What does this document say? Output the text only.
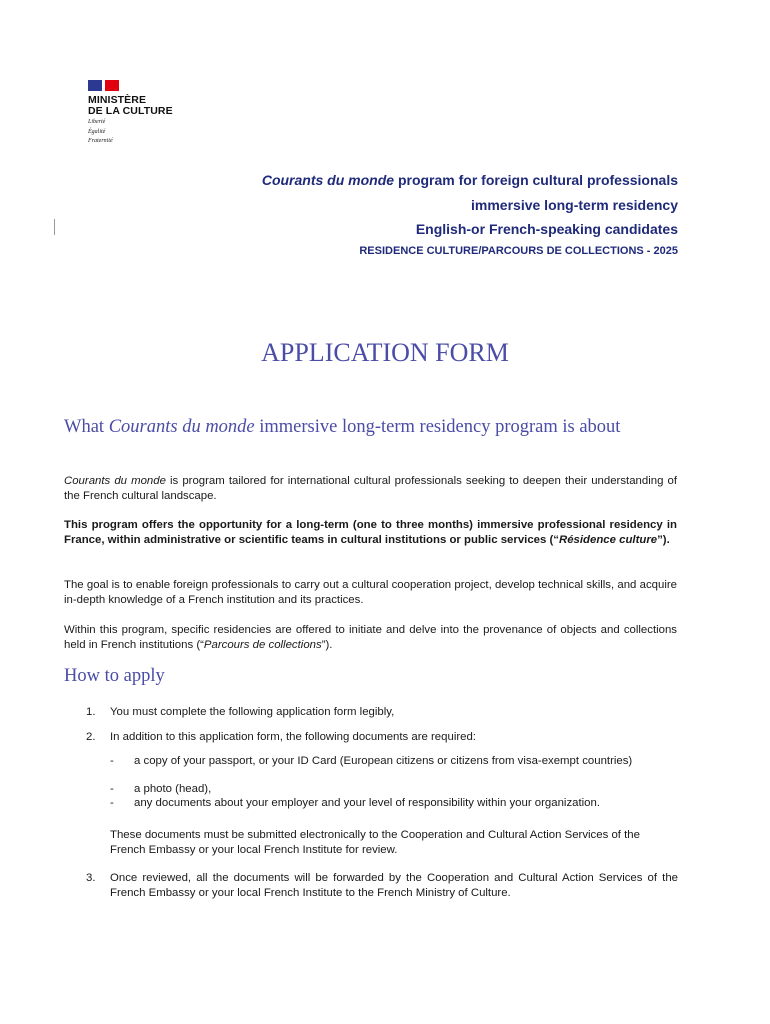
MINISTÈRE
DE LA CULTURE
Liberté
Égalité
Fraternité
Courants du monde program for foreign cultural professionals
immersive long-term residency
English-or French-speaking candidates
RESIDENCE CULTURE/PARCOURS DE COLLECTIONS - 2025
APPLICATION FORM
What Courants du monde immersive long-term residency program is about
Courants du monde is program tailored for international cultural professionals seeking to deepen their understanding of the French cultural landscape.
This program offers the opportunity for a long-term (one to three months) immersive professional residency in France, within administrative or scientific teams in cultural institutions or public services (“Résidence culture”).
The goal is to enable foreign professionals to carry out a cultural cooperation project, develop technical skills, and acquire in-depth knowledge of a French institution and its practices.
Within this program, specific residencies are offered to initiate and delve into the provenance of objects and collections held in French institutions (“Parcours de collections”).
How to apply
1. You must complete the following application form legibly,
2. In addition to this application form, the following documents are required:
- a copy of your passport, or your ID Card (European citizens or citizens from visa-exempt countries)
- a photo (head),
- any documents about your employer and your level of responsibility within your organization.
These documents must be submitted electronically to the Cooperation and Cultural Action Services of the French Embassy or your local French Institute for review.
3. Once reviewed, all the documents will be forwarded by the Cooperation and Cultural Action Services of the French Embassy or your local French Institute to the French Ministry of Culture.
